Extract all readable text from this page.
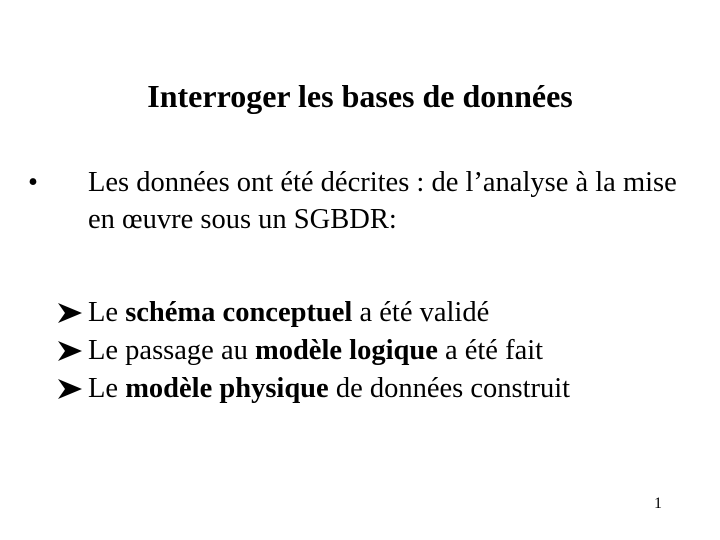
Interroger les bases de données
•	Les données ont été décrites : de l’analyse à la mise en œuvre sous un SGBDR:
Le schéma conceptuel a été validé
Le passage au modèle logique a été fait
Le modèle physique de données construit
1
